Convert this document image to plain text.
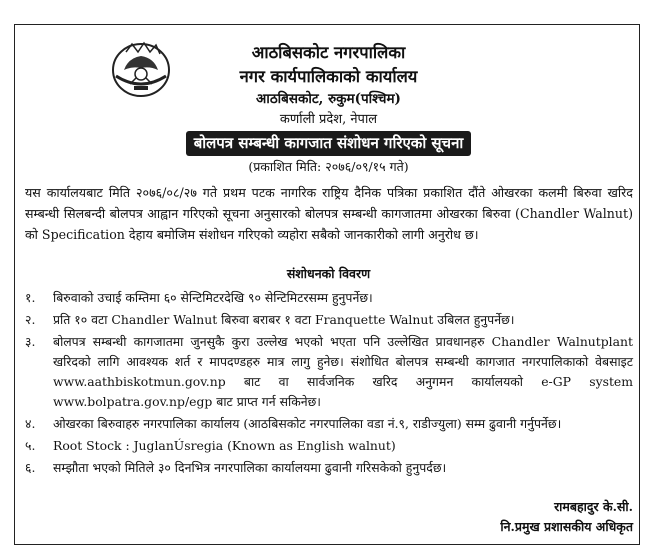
आठबिसकोट नगरपालिका
नगर कार्यपालिकाको कार्यालय
आठबिसकोट, रुकुम(पश्चिम)
कर्णाली प्रदेश, नेपाल
बोलपत्र सम्बन्धी कागजात संशोधन गरिएको सूचना
(प्रकाशित मिति: २०७६/०९/१५ गते)

यस कार्यालयबाट मिति २०७६/०८/२७ गते प्रथम पटक नागरिक राष्ट्रिय दैनिक पत्रिका प्रकाशित दौंते ओखरका कलमी बिरुवा खरिद सम्बन्धी सिलबन्दी बोलपत्र आह्वान गरिएको सूचना अनुसारको बोलपत्र सम्बन्धी कागजातमा ओखरका बिरुवा (Chandler Walnut) को Specification देहाय बमोजिम संशोधन गरिएको व्यहोरा सबैको जानकारीको लागी अनुरोध छ।

संशोधनको विवरण
१.	बिरुवाको उचाई कम्तिमा ६० सेन्टिमिटरदेखि ९० सेन्टिमिटरसम्म हुनुपर्नेछ।
२.	प्रति १० वटा Chandler Walnut बिरुवा बराबर १ वटा Franquette Walnut उबिलत हुनुपर्नेछ।
३.	बोलपत्र सम्बन्धी कागजातमा जुनसुकै कुरा उल्लेख भएको भएता पनि उल्लेखित प्रावधानहरु Chandler Walnutplant खरिदको लागि आवश्यक शर्त र मापदण्डहरु मात्र लागु हुनेछ। संशोधित बोलपत्र सम्बन्धी कागजात नगरपालिकाको वेबसाइट www.aathbiskotmun.gov.np बाट वा सार्वजनिक खरिद अनुगमन कार्यालयको e-GP system www.bolpatra.gov.np/egp बाट प्राप्त गर्न सकिनेछ।
४.	ओखरका बिरुवाहरु नगरपालिका कार्यालय (आठबिसकोट नगरपालिका वडा नं.९, राडीज्युला) सम्म ढुवानी गर्नुपर्नेछ।
५.	Root Stock : JuglanÚsregia (Known as English walnut)
६.	सम्झौता भएको मितिले ३० दिनभित्र नगरपालिका कार्यालयमा ढुवानी गरिसकेको हुनुपर्दछ।
रामबहादुर के.सी.
नि.प्रमुख प्रशासकीय अधिकृत
